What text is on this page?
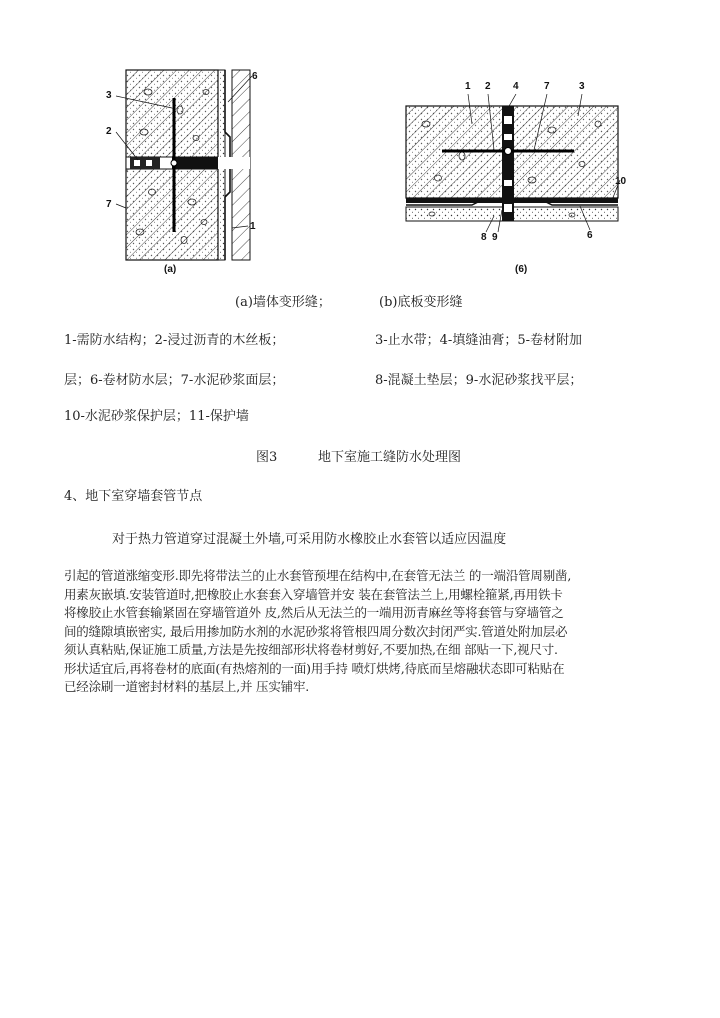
3
2
7
6
1
(a)
1 2 4	7	3
10
8 9	6
(6)
(a)墙体变形缝；	(b)底板变形缝
1-需防水结构；2-浸过沥青的木丝板；	3-止水带；4-填缝油膏；5-卷材附加
层；6-卷材防水层；7-水泥砂浆面层；	8-混凝土垫层；9-水泥砂浆找平层；
10-水泥砂浆保护层；11-保护墙
图3	地下室施工缝防水处理图
4、地下室穿墙套管节点
对于热力管道穿过混凝土外墙,可采用防水橡胶止水套管以适应因温度
引起的管道涨缩变形.即先将带法兰的止水套管预埋在结构中,在套管无法兰 的一端沿管周剔凿,
用素灰嵌填.安装管道时,把橡胶止水套套入穿墙管并安 装在套管法兰上,用螺栓箍紧,再用铁卡
将橡胶止水管套输紧固在穿墙管道外 皮,然后从无法兰的一端用沥青麻丝等将套管与穿墙管之
间的缝隙填嵌密实, 最后用掺加防水剂的水泥砂浆将管根四周分数次封闭严实.管道处附加层必
须认真粘贴,保证施工质量,方法是先按细部形状将卷材剪好,不要加热,在细 部贴一下,视尺寸.
形状适宜后,再将卷材的底面(有热熔剂的一面)用手持 喷灯烘烤,待底而呈熔融状态即可粘贴在
已经涂刷一道密封材料的基层上,并 压实铺牢.
